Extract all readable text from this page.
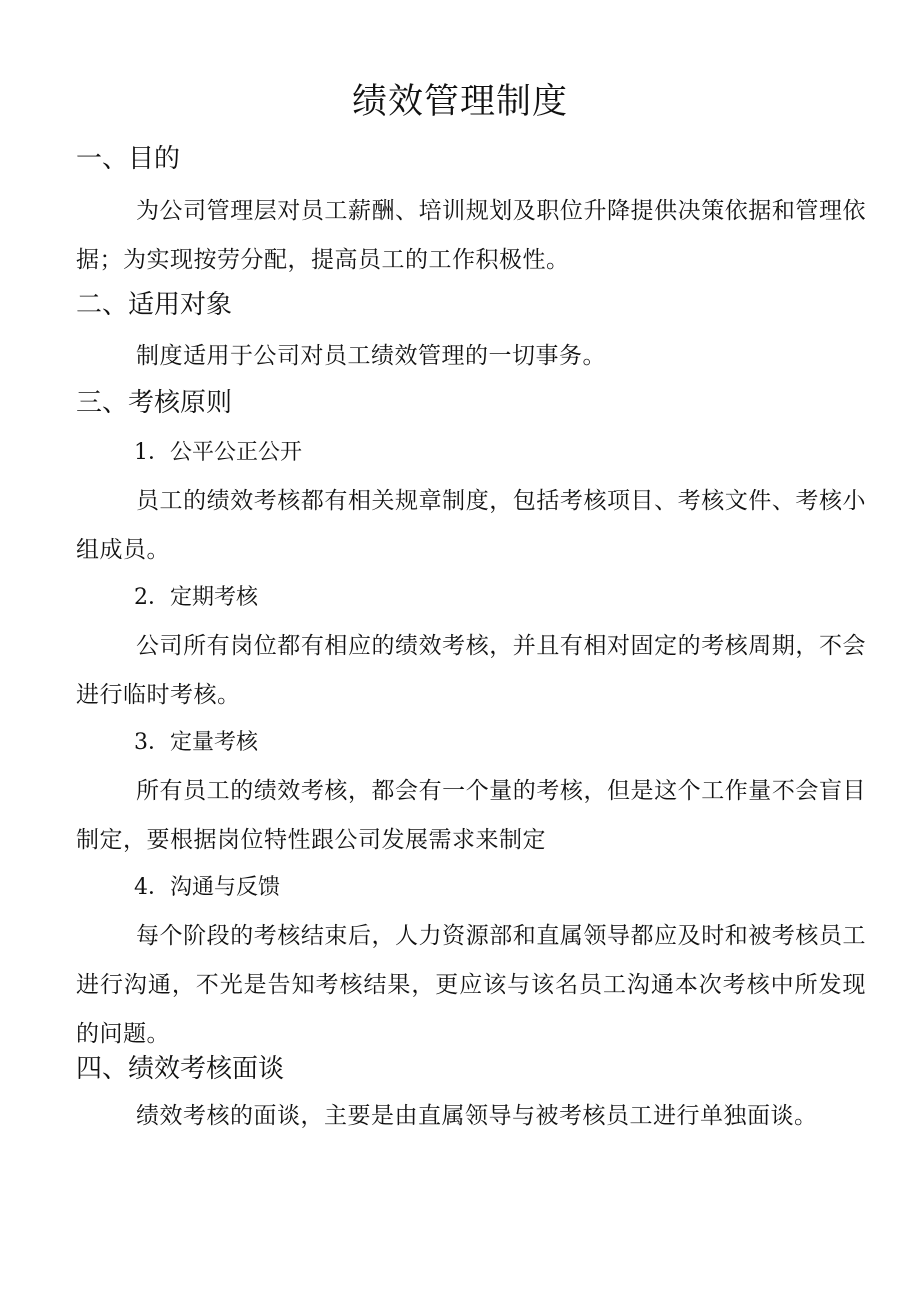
绩效管理制度
一、目的

为公司管理层对员工薪酬、培训规划及职位升降提供决策依据和管理依据；为实现按劳分配，提高员工的工作积极性。

二、适用对象

制度适用于公司对员工绩效管理的一切事务。

三、考核原则
1．公平公正公开

员工的绩效考核都有相关规章制度，包括考核项目、考核文件、考核小组成员。

2．定期考核

公司所有岗位都有相应的绩效考核，并且有相对固定的考核周期，不会进行临时考核。

3．定量考核

所有员工的绩效考核，都会有一个量的考核，但是这个工作量不会盲目制定，要根据岗位特性跟公司发展需求来制定

4．沟通与反馈

每个阶段的考核结束后，人力资源部和直属领导都应及时和被考核员工进行沟通，不光是告知考核结果，更应该与该名员工沟通本次考核中所发现的问题。

四、绩效考核面谈

绩效考核的面谈，主要是由直属领导与被考核员工进行单独面谈。
